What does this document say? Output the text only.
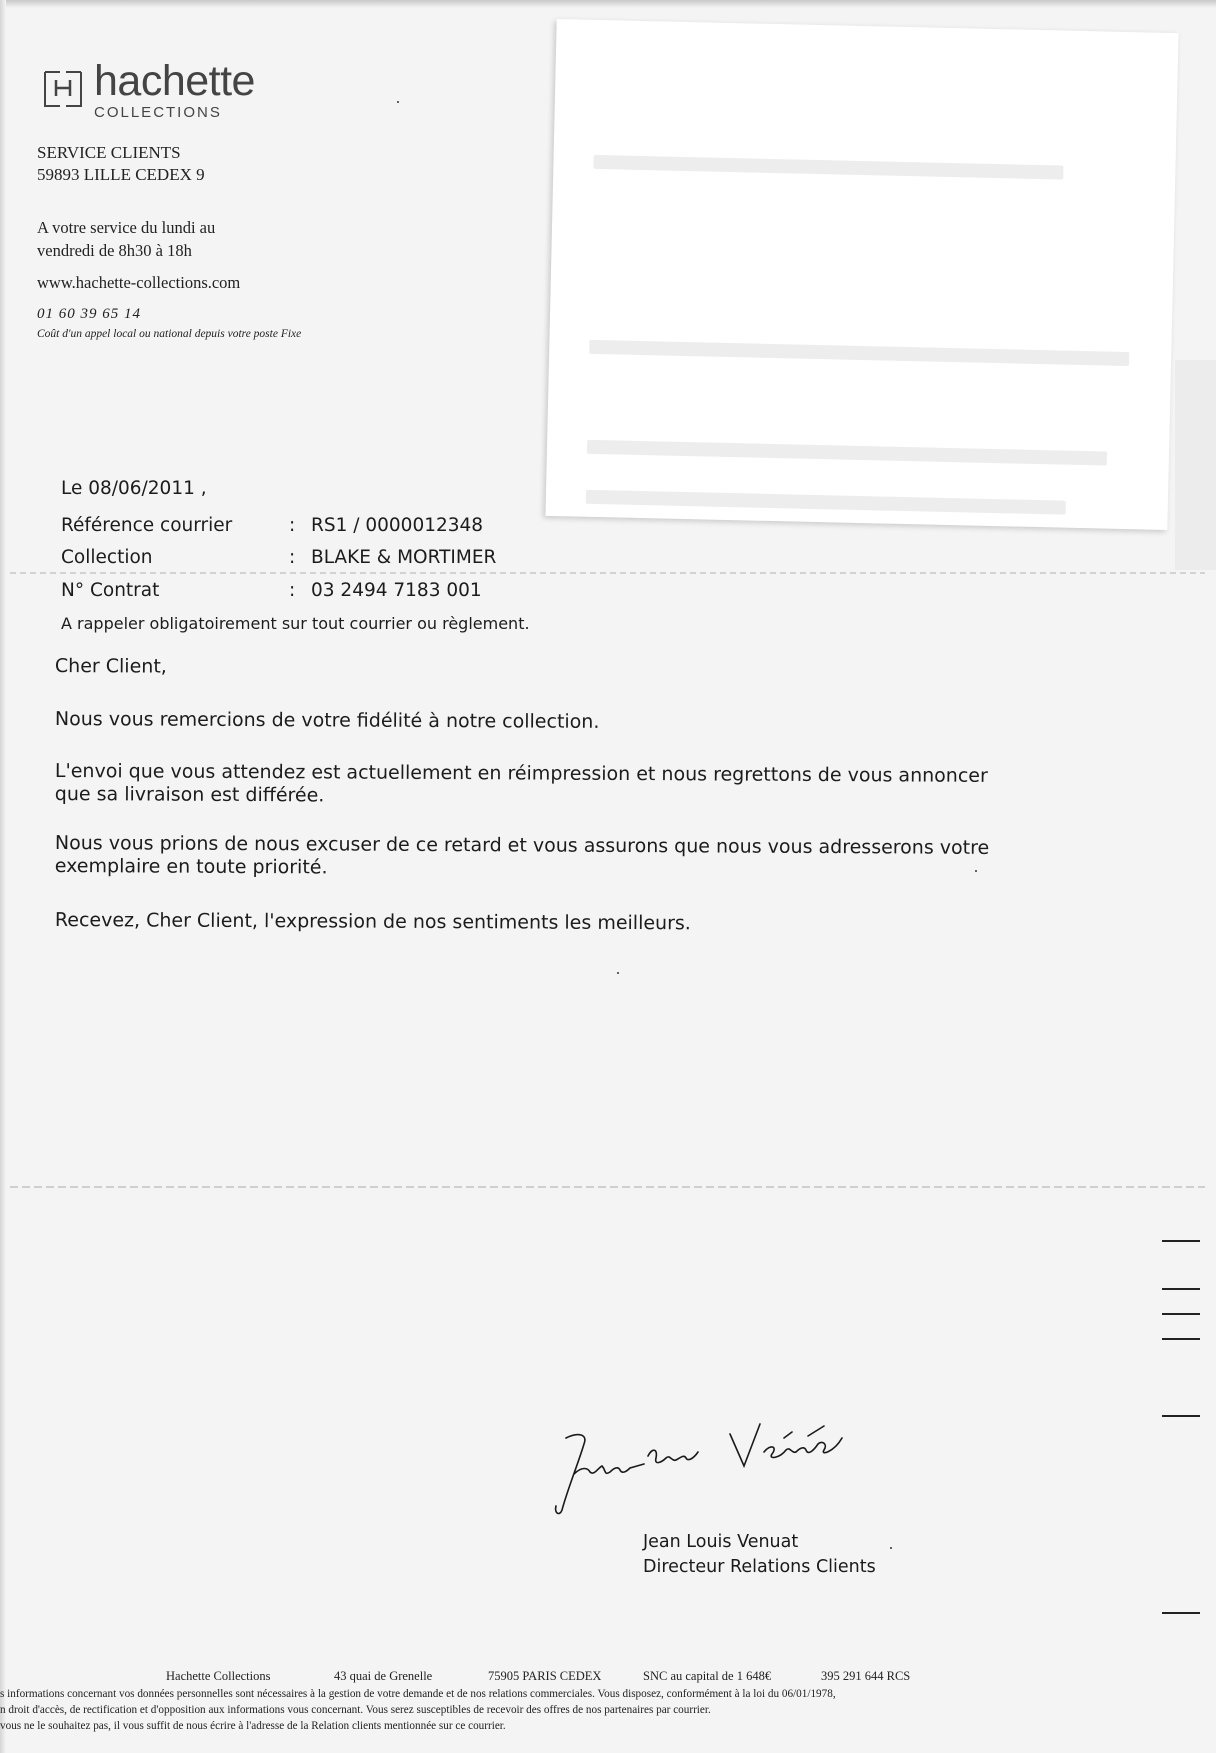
hachette
COLLECTIONS
SERVICE CLIENTS
59893 LILLE CEDEX 9
A votre service du lundi au
vendredi de 8h30 à 18h
www.hachette-collections.com
01 60 39 65 14
Coût d'un appel local ou national depuis votre poste Fixe
Le 08/06/2011 ,
Référence courrier	: RS1 / 0000012348
Collection	: BLAKE & MORTIMER
N° Contrat	: 03 2494 7183 001
A rappeler obligatoirement sur tout courrier ou règlement.
Cher Client,
Nous vous remercions de votre fidélité à notre collection.
L'envoi que vous attendez est actuellement en réimpression et nous regrettons de vous annoncer
que sa livraison est différée.
Nous vous prions de nous excuser de ce retard et vous assurons que nous vous adresserons votre
exemplaire en toute priorité.
Recevez, Cher Client, l'expression de nos sentiments les meilleurs.
Jean Louis Venuat
Directeur Relations Clients
Hachette Collections	43 quai de Grenelle	75905 PARIS CEDEX	SNC au capital de 1 648€	395 291 644 RCS
s informations concernant vos données personnelles sont nécessaires à la gestion de votre demande et de nos relations commerciales. Vous disposez, conformément à la loi du 06/01/1978,
n droit d'accès, de rectification et d'opposition aux informations vous concernant. Vous serez susceptibles de recevoir des offres de nos partenaires par courrier.
vous ne le souhaitez pas, il vous suffit de nous écrire à l'adresse de la Relation clients mentionnée sur ce courrier.
